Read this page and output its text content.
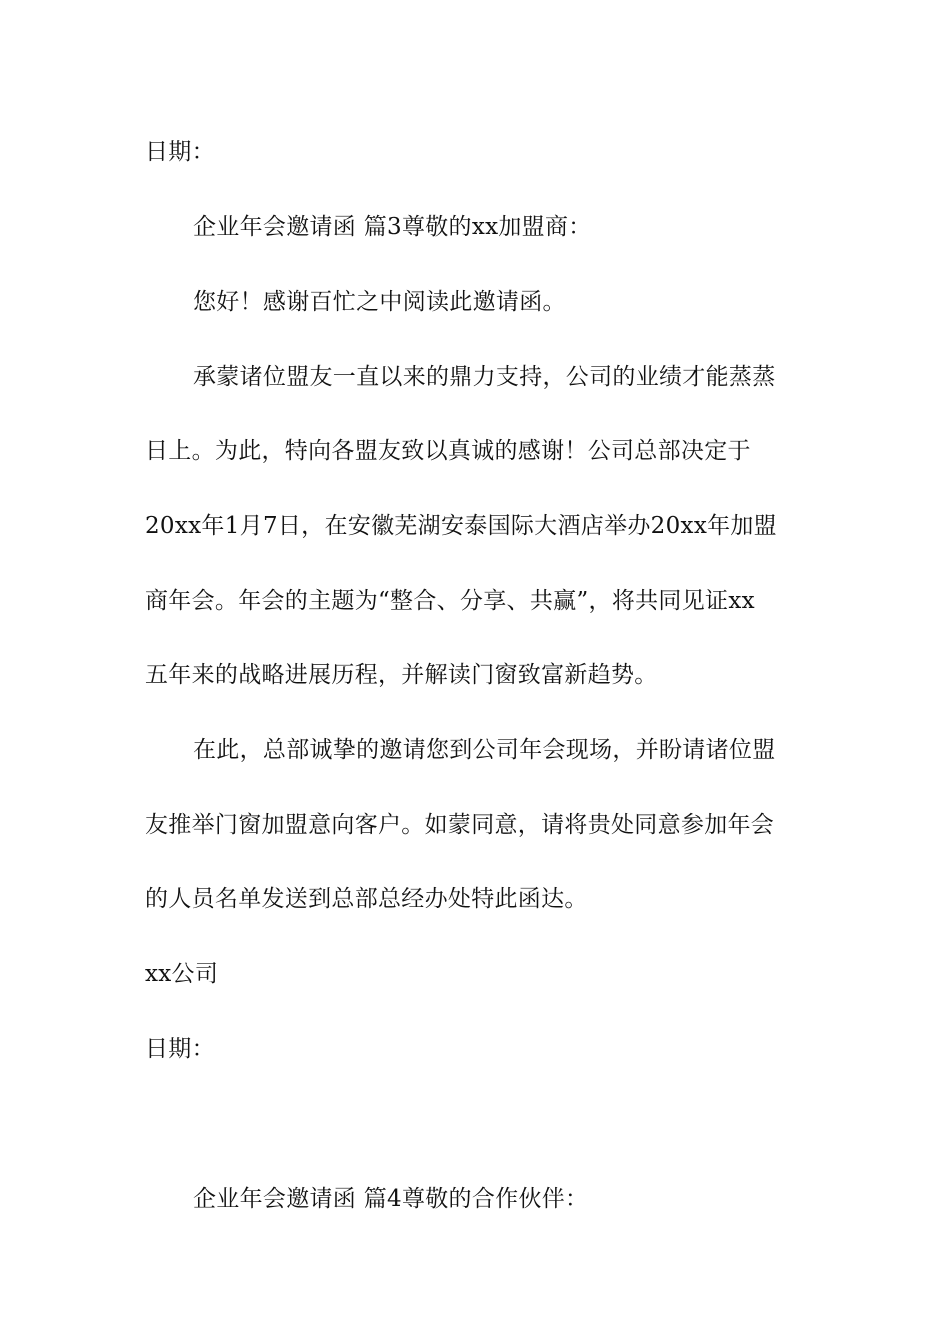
日期：
企业年会邀请函 篇3尊敬的xx加盟商：
您好！感谢百忙之中阅读此邀请函。
承蒙诸位盟友一直以来的鼎力支持，公司的业绩才能蒸蒸
日上。为此，特向各盟友致以真诚的感谢！公司总部决定于
20xx年1月7日，在安徽芜湖安泰国际大酒店举办20xx年加盟
商年会。年会的主题为“整合、分享、共赢”，将共同见证xx
五年来的战略进展历程，并解读门窗致富新趋势。
在此，总部诚挚的邀请您到公司年会现场，并盼请诸位盟
友推举门窗加盟意向客户。如蒙同意，请将贵处同意参加年会
的人员名单发送到总部总经办处特此函达。
xx公司
日期：
企业年会邀请函 篇4尊敬的合作伙伴：
